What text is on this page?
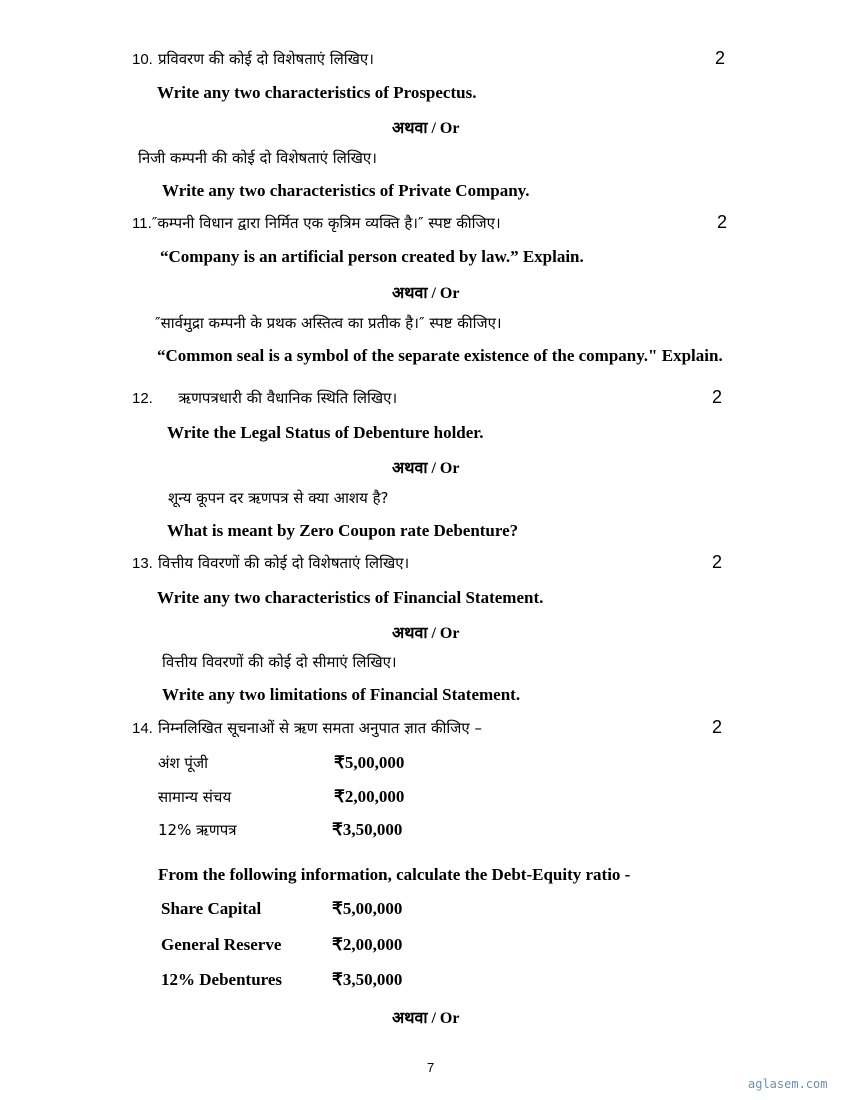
10. प्रविवरण की कोई दो विशेषताएं लिखिए।	2
Write any two characteristics of Prospectus.
अथवा / Or
निजी कम्पनी की कोई दो विशेषताएं लिखिए।
Write any two characteristics of Private Company.
11.″कम्पनी विधान द्वारा निर्मित एक कृत्रिम व्यक्ति है।″ स्पष्ट कीजिए।	2
“Company is an artificial person created by law.” Explain.
अथवा / Or
″सार्वमुद्रा कम्पनी के प्रथक अस्तित्व का प्रतीक है।″ स्पष्ट कीजिए।
“Common seal is a symbol of the separate existence of the company." Explain.
12. ऋणपत्रधारी की वैधानिक स्थिति लिखिए।	2
Write the Legal Status of Debenture holder.
अथवा / Or
शून्य कूपन दर ऋणपत्र से क्या आशय है?
What is meant by Zero Coupon rate Debenture?
13. वित्तीय विवरणों की कोई दो विशेषताएं लिखिए।	2
Write any two characteristics of Financial Statement.
अथवा / Or
वित्तीय विवरणों की कोई दो सीमाएं लिखिए।
Write any two limitations of Financial Statement.
14. निम्नलिखित सूचनाओं से ऋण समता अनुपात ज्ञात कीजिए –	2
अंश पूंजी	₹5,00,000
सामान्य संचय	₹2,00,000
12% ऋणपत्र	₹3,50,000
From the following information, calculate the Debt-Equity ratio -
Share Capital	₹5,00,000
General Reserve	₹2,00,000
12% Debentures	₹3,50,000
अथवा / Or
7
aglasem.com
